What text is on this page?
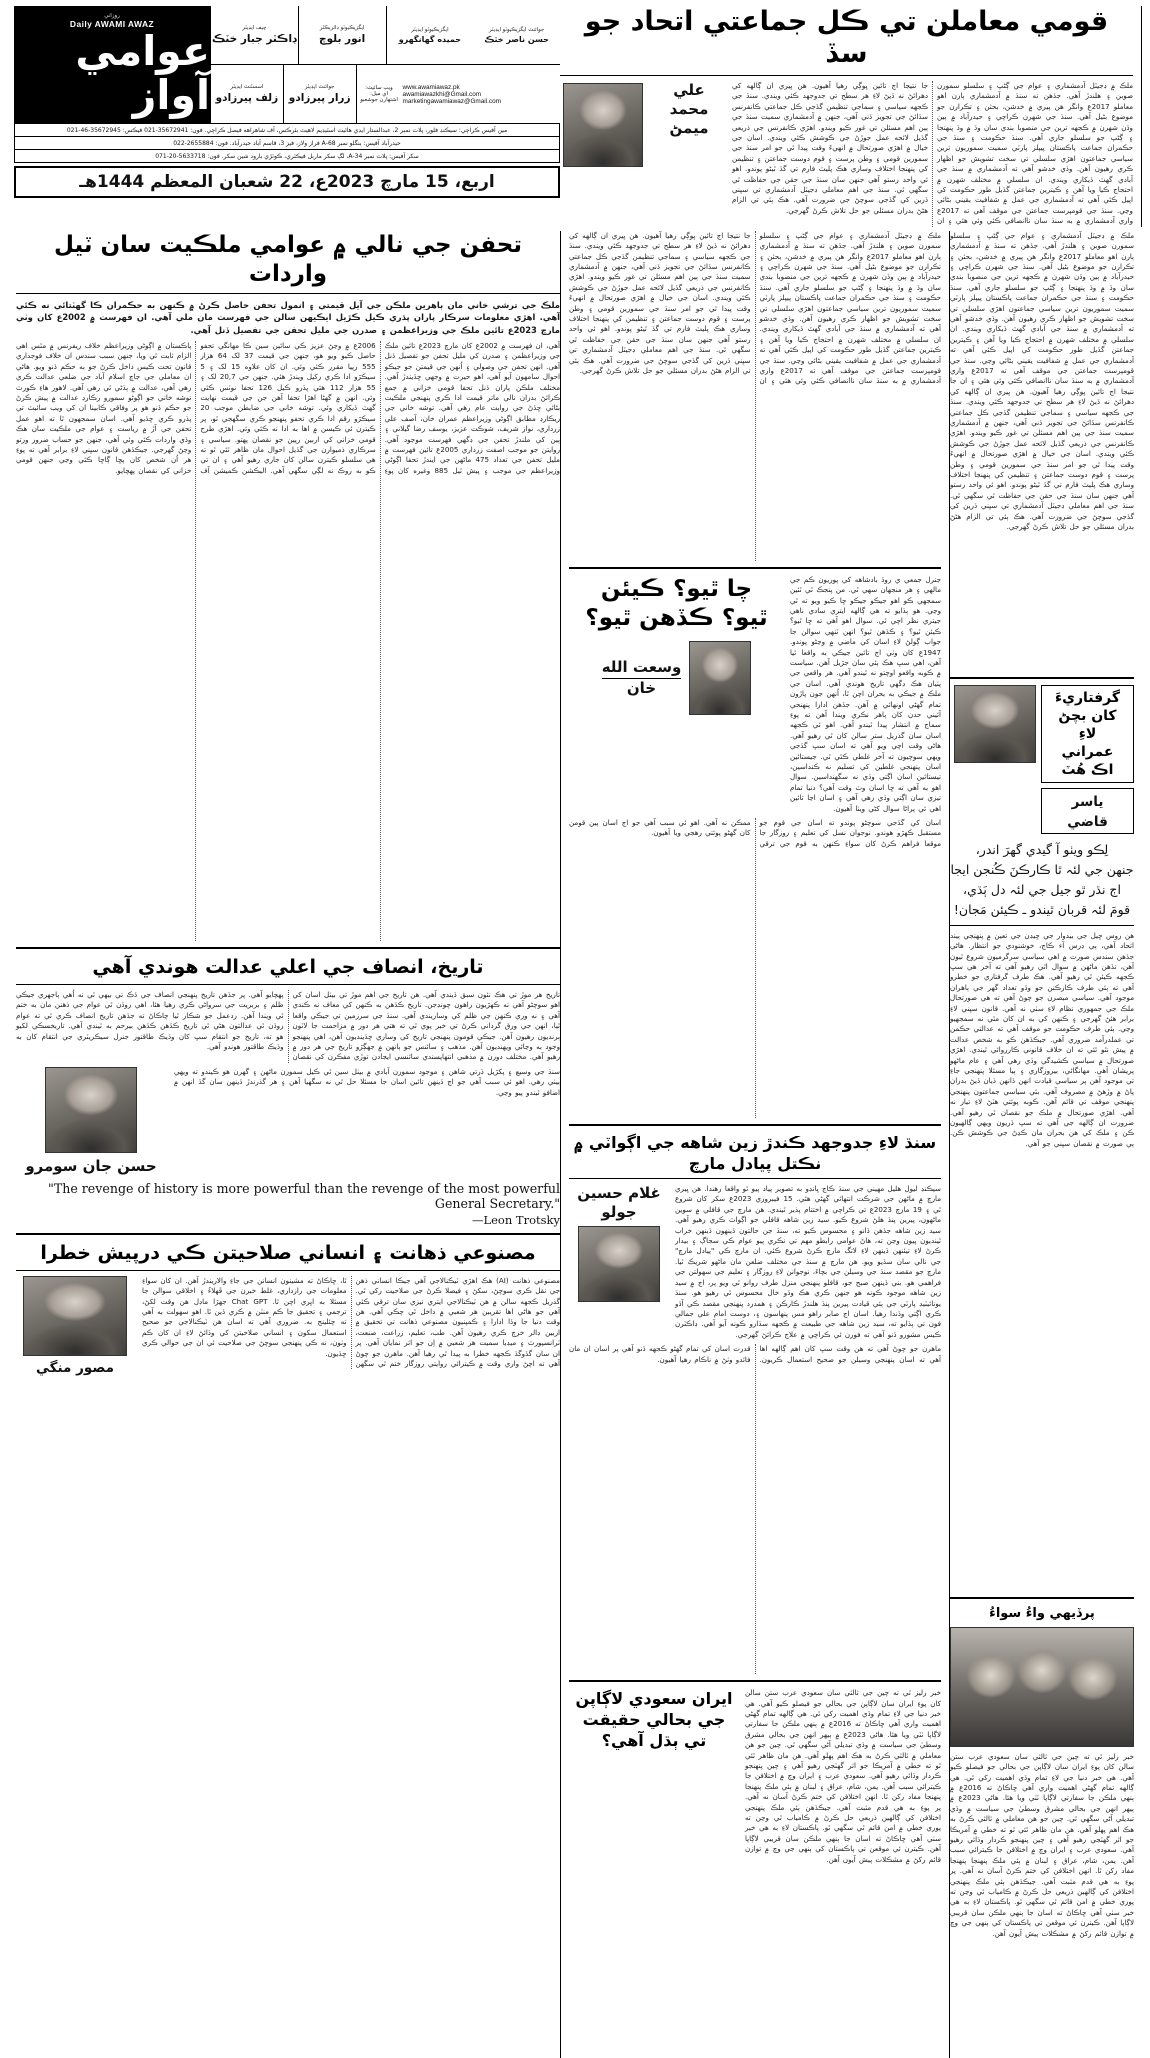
روزاني
Daily AWAMI AWAZ
عوامي آواز
چيف ايڊيٽر
ڊاڪٽر جبار خٽڪ
ايگزيڪيوٽو ڊائريڪٽر
انور بلوچ
ايگزيڪيوٽو ايڊيٽر
حميده گهانگهرو
جوائنٽ ايگزيڪيوٽو ايڊيٽر
حسن ناصر خٽڪ
اسسٽنٽ ايڊيٽر
زلف پيرزادو
جوائنٽ ايڊيٽر
زرار پيرزادو
ويب سائيٽ:
اي ميل:
اشتهارن جوشعبو
www.awamiawaz.pk
awamiawazkhi@Gmail.com
marketingawamiawaz@Gmail.com
مين آفيس ڪراچي: سيڪنڊ فلور، پلاٽ نمبر 2، عبدالستار ايڊي هائيٽ اسٽيڊيم لاهيٽ بئرڪس، آف شاهراهه فيصل ڪراچي. فون: 35672941-021 فيڪس: 35672945-46-021
حيدرآباد آفيس: بنگلو نمبر 68-A فراز ولاز، فيز 3، قاسم آباد حيدرآباد. فون: 2655884-022
سکر آفيس: پلاٽ نمبر 34-A، لڳ سکر ماربل فيڪٽري، ڪوٽڙي بارود شين سکر. فون: 5633718-20-071
اربع، 15 مارچ 2023ع، 22 شعبان المعظم 1444هـ
قومي معاملن تي ڪل جماعتي اتحاد جو سڏ
علي محمد
ميمڻ
ملڪ ۾ ڊجيٽل آدمشماري ۽ عوام جي ڳڻپ ۽ سلسلو سمورن صوبن ۽ هلندڙ آهي. جڏهن ته سنڌ ۾ آدمشماري ٻارن اهو معاملو 2017ع وانگر هن پيري ۾ خدشن، بحثن ۽ تڪرارن جو موضوع بڻيل آهي. سنڌ جي شهرن ڪراچي ۽ حيدرآباد ۾ ٻين وڏن شهرن ۾ ڪجهه ترين جي منصوبا بندي سان وڌ ۾ وڌ پنهنجا ۽ ڳڻپ جو سلسلو جاري آهي. سنڌ حڪومت ۽ سنڌ جي حڪمران جماعت پاڪستان پيپلز پارٽي سميت سموريون ترين سياسي جماعتون اهڙي سلسلي تي سخت تشويش جو اظهار ڪري رهيون آهن. وڏي خدشو آهي ته آدمشماري ۾ سنڌ جي آبادي گهٽ ڏيکاري ويندي. ان سلسلي ۾ مختلف شهرن ۾ احتجاج ڪيا ويا آهن ۽ ڪيترين جماعتن گڏيل طور حڪومت کي اپيل ڪئي آهي ته آدمشماري جي عمل ۾ شفافيت يقيني بڻائي وڃي. سنڌ جي قومپرست جماعتن جي موقف آهي ته 2017ع واري آدمشماري ۾ به سنڌ سان ناانصافي ڪئي وئي هئي ۽ ان جا نتيجا اڄ تائين ڀوڳي رهيا آهيون. هن ڀيري ان ڳالهه کي دهرائڻ نه ڏيڻ لاءِ هر سطح تي جدوجهد ڪئي ويندي. سنڌ جي ڪجهه سياسي ۽ سماجي تنظيمن گڏجي ڪل جماعتي ڪانفرنس سڏائڻ جي تجويز ڏني آهي، جنهن ۾ آدمشماري سميت سنڌ جي ٻين اهم مسئلن تي غور ڪيو ويندو. اهڙي ڪانفرنس جي ذريعي گڏيل لائحه عمل جوڙڻ جي ڪوشش ڪئي ويندي. اسان جي خيال ۾ اهڙي صورتحال ۾ انهيءَ وقت پيدا ٿي جو امر سنڌ جي سمورين قومي ۽ وطن پرست ۽ قوم دوست جماعتن ۽ تنظيمن کي پنهنجا اختلاف وساري هڪ پليٽ فارم تي گڏ ٿيڻو پوندو. اهو ئي واحد رستو آهي جنهن سان سنڌ جي حقن جي حفاظت ٿي سگهي ٿي. سنڌ جي اهم معاملي ڊجيٽل آدمشماري تي سڀني ڌرين کي گڏجي سوچڻ جي ضرورت آهي. هڪ ٻئي تي الزام هڻڻ بدران مسئلي جو حل تلاش ڪرڻ گهرجي.
تحفن جي نالي ۾ عوامي ملڪيت سان ٽيل واردات
ملڪ جي ترشي خاني مان ٻاهرين ملڪن جي آيل قيمتي ۽ انمول تحفن حاصل ڪرڻ ۾ ڪنهن به حڪمران ڪا گهٽتائي نه ڪئي آهي. اهڙي معلومات سرڪار پاران پڌري ڪيل ڪڙيل ايڪيهن سالن جي فهرست مان ملي آهي. ان فهرست ۾ 2002ع کان وٺي مارچ 2023ع تائين ملڪ جي وزيراعظمن ۽ صدرن جي مليل تحفن جي تفصيل ڏنل آهي.
آهي، ان فهرست ۾ 2002ع کان مارچ 2023ع تائين ملڪ جي وزيراعظمن ۽ صدرن کي مليل تحفن جو تفصيل ڏنل آهي. انهن تحفن جي وصولي ۽ اُنهن جي قيمتن جو جيڪو احوال سامهون آيو آهي، اهو حيرت ۾ وجهي ڇڏيندڙ آهي. مختلف ملڪن پاران ڏنل تحفا قومي خزاني ۾ جمع ڪرائڻ بدران نالي ماتر قيمت ادا ڪري پنهنجي ملڪيت بڻائي ڇڏڻ جي روايت عام رهي آهي. توشه خاني جي ريڪارڊ مطابق اڳوڻي وزيراعظم عمران خان، آصف علي زرداري، نواز شريف، شوڪت عزيز، يوسف رضا گيلاني ۽ ٻين کي ملندڙ تحفن جي ڊگهي فهرست موجود آهي. روايتن جو موجب اصفت زرداري 2005ع تائين فهرست ۾ مليل تحفن جي تعداد 475 ماڻهن جي ايندڙ تحفا اڳوڻي وزيراعظم جي موجب ۽ پيش ٿيل 885 وغيره کان پوءِ 2006ع ۾ وڃڻ عزيز ڪي سائين سين ڪا مهانگي تحفو حاصل ڪيو ويو هو، جنهن جي قيمت 37 لک 64 هزار 555 رپيا مقرر ڪئي وئي. ان کان علاوه 15 لک ۽ 5 سيڪڙو ادا ڪري رکيل ويندڙ هئي. جنهن جي 20,7 لک ۽ 55 هزار 112 هئي پڌرو ڪيل 126 تحفا نوٽس ڪئي وئي. انهن ۾ گهڻا اهڙا تحفا آهن جن جي قيمت نهايت گهٽ ڏيکاري وئي. توشه خاني جي ضابطن موجب 20 سيڪڙو رقم ادا ڪري تحفو پنهنجو ڪري سگهجي ٿو، پر ڪيترن ئي ڪيسن ۾ اها به ادا نه ڪئي وئي. اهڙي طرح قومي خزاني کي اربين رپين جو نقصان پهتو. سياسي ۽ سرڪاري ذميوارن جي گڏيل احوال مان ظاهر ٿئي ٿو ته هي سلسلو ڪيترن سالن کان جاري رهيو آهي ۽ ان تي ڪو به روڪ نه لڳي سگهي آهي. اليڪشن ڪميشن آف پاڪستان ۾ اڳوڻي وزيراعظم خلاف ريفرنس ۾ مٿس اهي الزام ثابت ٿي ويا، جنهن سبب سندس ان خلاف فوجداري قانون تحت ڪيس داخل ڪرڻ جو به حڪم ڏنو ويو. هاڻي ان معاملي جي جاچ اسلام آباد جي ضلعي عدالت ڪري رهي آهي، عدالت ۾ ٻڌڻي ٿي رهي آهي. لاهور هاءِ ڪورٽ توشه خاني جو اڳوڻو سمورو رڪارڊ عدالت ۾ پيش ڪرڻ جو حڪم ڏنو هو پر وفاقي ڪابينا ان کي ويب سائيٽ تي پڌرو ڪري ڇڏيو آهي. اسان سمجهون ٿا ته اهو عمل تحفن جي آڙ ۾ رياست ۽ عوام جي ملڪيت سان هڪ وڏي واردات ڪئي وئي آهي، جنهن جو حساب ضرور ورتو وڃڻ گهرجي. جيڪڏهن قانون سڀني لاءِ برابر آهي ته پوءِ هر اُن شخص کان پڇا ڳاڇا ڪئي وڃي جنهن قومي خزاني کي نقصان پهچايو.
تاريخ، انصاف جي اعلي عدالت هوندي آهي
تاريخ هر موڙ تي هڪ نئون سبق ڏيندي آهي. هن تاريخ جي اهم موڙ تي بيٺل اسان کي اهو سوچڻو آهي ته ڪهڙيون راهون چونڊجن. تاريخ ڪڏهن به ڪنهن کي معاف نه ڪندي آهي ۽ نه وري ڪنهن جي ظلم کي وساريندي آهي. سنڌ جي سرزمين تي جيڪي واقعا ٿيا، انهن جي ورق گرداني ڪرڻ تي خبر پوي ٿي ته هتي هر دور ۾ مزاحمت جا لاٽون ٻرنديون رهيون آهن. جيڪي قومون پنهنجي تاريخ کي وساري ڇڏينديون آهن، اهي پنهنجو وجود به وڃائي ويهنديون آهن. مذهب ۽ سائنس جو ٻانهن ۾ جهڳڙو تاريخ جي هر دور ۾ رهيو آهي. مختلف دورن ۾ مذهبي انتهاپسندي سائنسي ايجادن توڙي مفڪرن کي نقصان پهچايو آهي. پر جڏهن تاريخ پنهنجي انصاف جي ڏڪ تي بيهي ٿي ته اُهي ٻاجهري جيڪي ظلم ۽ بربريت جي سرواڻي ڪري رهيا هئا، اهي روڏن ٿي عوام جي ذهنن مان به ختم ٿي ويندا آهن. ردعمل جو شڪار ٿيا چاڪاڻ ته جڏهن تاريخ انصاف ڪري ٿي ته عوام روڏن ٿي عدالتون هڻي ٿي تاريخ ڪڏهن ڪڏهن بيرحم به ٿيندي آهي. تاريخسڪي لکيو هو ته، تاريخ جو انتقام سڀ کان وڌيڪ طاقتور جنرل سيڪريٽري جي انتقام کان به وڌيڪ طاقتور هوندو آهي.
حسن جان سومرو
سنڌ جي وسيع ۽ پکڙيل ڌرتي شاهن ۽ موجود سمورن آبادي ۾ بيٺل سين ٿي ڪيل سمورن ماڻهن ۽ گهرن هو ڪيندو ته ويهي بيٺي رهي. اهو ئي سبب آهي جو اڄ ڏينهن تائين اسان جا مسئلا حل ٿي نه سگهيا آهن ۽ هر گذرندڙ ڏينهن سان گڏ انهن ۾ اضافو ٿيندو پيو وڃي.
"The revenge of history is more powerful than the revenge of the most powerful General Secretary."
—Leon Trotsky
مصنوعي ذهانت ۽ انساني صلاحيتن ڪي درپيش خطرا
مصور منگي
مصنوعي ذهانت (AI) هڪ اهڙي ٽيڪنالاجي آهي جيڪا انساني ذهن جي نقل ڪري سوچڻ، سکڻ ۽ فيصلا ڪرڻ جي صلاحيت رکي ٿي. گذريل ڪجهه سالن ۾ هن ٽيڪنالاجي ايتري تيزي سان ترقي ڪئي آهي جو هاڻي اها تقريبن هر شعبي ۾ داخل ٿي چڪي آهي. هن وقت دنيا جا وڏا ادارا ۽ ڪمپنيون مصنوعي ذهانت تي تحقيق ۾ اربين ڊالر خرچ ڪري رهيون آهن. طب، تعليم، زراعت، صنعت، ٽرانسپورٽ ۽ ميڊيا سميت هر شعبي ۾ اِن جو اثر نمايان آهي. پر ان سان گڏوگڏ ڪجهه خطرا به پيدا ٿي رهيا آهن. ماهرن جو چوڻ آهي ته اچڻ واري وقت ۾ ڪيترائي روايتي روزگار ختم ٿي سگهن ٿا، ڇاڪاڻ ته مشينون انسانن جي جاءِ والاريندڙ آهن. ان کان سواءِ معلومات جي رازداري، غلط خبرن جي ڦهلاءُ ۽ اخلاقي سوالن جا مسئلا به اڀري اچن ٿا. Chat GPT جهڙا ماڊل هن وقت لکڻ، ترجمي ۽ تحقيق جا ڪم منٽن ۾ ڪري ڏين ٿا. اهو سهولت به آهي ته چئلينج به. ضروري آهي ته اسان هن ٽيڪنالاجي جو صحيح استعمال سکون ۽ انساني صلاحيتن کي وڌائڻ لاءِ ان کان ڪم وٺون، نه ڪي پنهنجي سوچڻ جي صلاحيت ئي ان جي حوالي ڪري ڇڏيون.
ملڪ ۾ ڊجيٽل آدمشماري ۽ عوام جي ڳڻپ ۽ سلسلو سمورن صوبن ۽ هلندڙ آهي. جڏهن ته سنڌ ۾ آدمشماري ٻارن اهو معاملو 2017ع وانگر هن پيري ۾ خدشن، بحثن ۽ تڪرارن جو موضوع بڻيل آهي. سنڌ جي شهرن ڪراچي ۽ حيدرآباد ۾ ٻين وڏن شهرن ۾ ڪجهه ترين جي منصوبا بندي سان وڌ ۾ وڌ پنهنجا ۽ ڳڻپ جو سلسلو جاري آهي. سنڌ حڪومت ۽ سنڌ جي حڪمران جماعت پاڪستان پيپلز پارٽي سميت سموريون ترين سياسي جماعتون اهڙي سلسلي تي سخت تشويش جو اظهار ڪري رهيون آهن. وڏي خدشو آهي ته آدمشماري ۾ سنڌ جي آبادي گهٽ ڏيکاري ويندي. ان سلسلي ۾ مختلف شهرن ۾ احتجاج ڪيا ويا آهن ۽ ڪيترين جماعتن گڏيل طور حڪومت کي اپيل ڪئي آهي ته آدمشماري جي عمل ۾ شفافيت يقيني بڻائي وڃي. سنڌ جي قومپرست جماعتن جي موقف آهي ته 2017ع واري آدمشماري ۾ به سنڌ سان ناانصافي ڪئي وئي هئي ۽ ان جا نتيجا اڄ تائين ڀوڳي رهيا آهيون. هن ڀيري ان ڳالهه کي دهرائڻ نه ڏيڻ لاءِ هر سطح تي جدوجهد ڪئي ويندي. سنڌ جي ڪجهه سياسي ۽ سماجي تنظيمن گڏجي ڪل جماعتي ڪانفرنس سڏائڻ جي تجويز ڏني آهي، جنهن ۾ آدمشماري سميت سنڌ جي ٻين اهم مسئلن تي غور ڪيو ويندو. اهڙي ڪانفرنس جي ذريعي گڏيل لائحه عمل جوڙڻ جي ڪوشش ڪئي ويندي. اسان جي خيال ۾ اهڙي صورتحال ۾ انهيءَ وقت پيدا ٿي جو امر سنڌ جي سمورين قومي ۽ وطن پرست ۽ قوم دوست جماعتن ۽ تنظيمن کي پنهنجا اختلاف وساري هڪ پليٽ فارم تي گڏ ٿيڻو پوندو. اهو ئي واحد رستو آهي جنهن سان سنڌ جي حقن جي حفاظت ٿي سگهي ٿي. سنڌ جي اهم معاملي ڊجيٽل آدمشماري تي سڀني ڌرين کي گڏجي سوچڻ جي ضرورت آهي. هڪ ٻئي تي الزام هڻڻ بدران مسئلي جو حل تلاش ڪرڻ گهرجي.
چا ٿيو؟ ڪيئن
ٿيو؟ ڪڏهن ٿيو؟
وسعت الله
خان
جنرل جمعي ي روڏ بادشاهه کي پوريون ڪم جي مالهي ۽ هر منجهان سهي ٿي. من پنجڪ ٿي ٿئين سمجهي ڪو اهو جيڪو جيڪو ڇا ڪيو ويو ته ٿي وڃي. هو ٻڌايو ته هي ڳالهه ايتري سادي ناهي جيتري نظر اچي ٿي. سوال اهو آهي ته ڇا ٿيو؟ ڪيئن ٿيو؟ ۽ ڪڏهن ٿيو؟ انهن ٽنهي سوالن جا جواب ڳولڻ لاءِ اسان کي ماضي ۾ وڃڻو پوندو. 1947ع کان وٺي اڄ تائين جيڪي به واقعا ٿيا آهن، اهي سڀ هڪ ٻئي سان جڙيل آهن. سياست ۾ ڪوبه واقعو اوچتو نه ٿيندو آهي. هر واقعي جي پٺيان هڪ ڊگهي تاريخ هوندي آهي. اسان جي ملڪ ۾ جيڪي به بحران اچن ٿا، اُنهن جون پاڙون تمام گهڻي اونهائي ۾ آهن. جڏهن ادارا پنهنجي آئيني حدن کان ٻاهر نڪري ويندا آهن ته پوءِ سماج ۾ انتشار پيدا ٿيندو آهي. اهو ئي ڪجهه اسان سان گذريل ستر سالن کان ٿي رهيو آهي. هاڻي وقت اچي ويو آهي ته اسان سڀ گڏجي ويهي سوچيون ته آخر غلطي ڪٿي ٿي. جيستائين اسان پنهنجي غلطين کي تسليم نه ڪنداسين، تيستائين اسان اڳتي وڌي نه سگهنداسين. سوال اهو به آهي ته ڇا اسان وٽ وقت آهي؟ دنيا تمام تيزي سان اڳتي وڌي رهي آهي ۽ اسان اڃا تائين اهي ئي پراڻا سوال کڻي ويٺا آهيون.
اسان کي گڏجي سوچڻو پوندو ته اسان جي قوم جو مستقبل ڪهڙو هوندو. نوجوان نسل کي تعليم ۽ روزگار جا موقعا فراهم ڪرڻ کان سواءِ ڪنهن به قوم جي ترقي ممڪن نه آهي. اهو ئي سبب آهي جو اڄ اسان ٻين قومن کان گهڻو پوئتي رهجي ويا آهيون.
سنڌ لاءِ جدوجهد ڪندڙ زين شاهه جي اڳواٽي ۾ نڪتل پيادل مارچ
غلام حسين
جولو
سيڪنڊ ليول هليل مهيني جي سنڌ ڪاڄ ڀانڊو به تصوير پياد پيو ٿو واقعا رهندا. هن ڀيري مارچ ۾ ماڻهن جي شرڪت انتهائي گهڻي هئي. 15 فيبروري 2023ع سکر کان شروع ٿي ۽ 19 مارچ 2023ع تي ڪراچي ۾ اختتام پذير ٿيندي. هن مارچ جي قافلي ۾ سوين ماڻهون، پيرين پنڌ هلڻ شروع ڪيو. سيد زين شاهه قافلي جو اڳواٽ ڪري رهيو آهي. سيد زين شاهه جڏهن ڏانو ۽ محسوس ڪيو ته، سنڌ جن حالتون ڏينهون ڏينهن خراب ٿينديون پيون وڃن ته، هاڻ عوامي رابطو مهم تي نڪري پيو عوام ڪي سجاڳ ۽ بيدار ڪرڻ لاءِ تيئنهن ڏينهن لاءِ لاتگ مارچ ڪرڻ شروع ڪئي. ان مارچ ڪي "پيادل مارچ" جي نالي سان سڏيو ويو. هن مارچ ۾ سنڌ جي مختلف ضلعن مان ماڻهو شريڪ ٿيا. مارچ جو مقصد سنڌ جي وسيلن جي بچاءَ، نوجوانن لاءِ روزگار ۽ تعليم جي سهولتن جي فراهمي هو. بني ڏينهن صبح جو، قافلو پنهنجي منزل طرف روانو ٿي ويو پر، اڄ ۾ سيد زين شاهه موجود ڪونه هو جنهن ڪري هڪ وڏو خال محسوس ٿي رهيو هو. سنڌ يونائيٽيڊ پارٽي جي ٻئي قيادت پيرين پنڌ هلندڙ ڪارڪن ۽ همدرد پنهنجي مقصد ڪي آڏو ڪري اڳتي وڌندا رهيا. اسان اڄ صابر راهو مس پنهاسون ۽، دوست امام علي جمالي فون تي ٻڌايو ته، سيد زين شاهه جي طبيعت ۾ ڪجهه سڌارو ڪونه آيو آهي. ڊاڪٽرن ڪيس مشورو ڏنو آهي ته فورن ئي ڪراچي ۾ علاج ڪرائڻ گهرجي.
ماهرن جو چوڻ آهي ته هن وقت سڀ کان اهم ڳالهه اها آهي ته اسان پنهنجي وسيلن جو صحيح استعمال ڪريون. قدرت اسان کي تمام گهڻو ڪجهه ڏنو آهي پر اسان ان مان فائدو وٺڻ ۾ ناڪام رهيا آهيون.
ايران سعودي لاڳاپن جي بحالي حقيقت تي ٻڌل آهي؟
خبر رليز ٿي ته چين جي ثالثي سان سعودي عرب ستن سالن کان پوءِ ايران سان لاڳاپن جي بحالي جو فيصلو ڪيو آهي. هي خبر دنيا جي لاءِ تمام وڏي اهميت رکي ٿي. هي ڳالهه تمام گهڻي اهميت واري آهي ڇاڪاڻ ته 2016ع ۾ ٻنهي ملڪن جا سفارتي لاڳاپا ٽٽي ويا هئا. هاڻي 2023ع ۾ ٻيهر انهن جي بحالي مشرق وسطيٰ جي سياست ۾ وڏي تبديلي آڻي سگهي ٿي. چين جو هن معاملي ۾ ثالثي ڪرڻ به هڪ اهم پهلو آهي. هن مان ظاهر ٿئي ٿو ته خطي ۾ آمريڪا جو اثر گهٽجي رهيو آهي ۽ چين پنهنجو ڪردار وڌائي رهيو آهي. سعودي عرب ۽ ايران وچ ۾ اختلافن جا ڪيترائي سبب آهن. يمن، شام، عراق ۽ لبنان ۾ ٻئي ملڪ پنهنجا پنهنجا مفاد رکن ٿا. انهن اختلافن کي ختم ڪرڻ آسان نه آهي. پر پوءِ به هي قدم مثبت آهي. جيڪڏهن ٻئي ملڪ پنهنجي اختلافن کي ڳالهين ذريعي حل ڪرڻ ۾ ڪامياب ٿي وڃن ته پوري خطي ۾ امن قائم ٿي سگهي ٿو. پاڪستان لاءِ به هي خبر سٺي آهي ڇاڪاڻ ته اسان جا ٻنهي ملڪن سان قريبي لاڳاپا آهن. ڪيترن ئي موقعن تي پاڪستان کي ٻنهي جي وچ ۾ توازن قائم رکڻ ۾ مشڪلات پيش آيون آهن.
ملڪ ۾ ڊجيٽل آدمشماري ۽ عوام جي ڳڻپ ۽ سلسلو سمورن صوبن ۽ هلندڙ آهي. جڏهن ته سنڌ ۾ آدمشماري ٻارن اهو معاملو 2017ع وانگر هن پيري ۾ خدشن، بحثن ۽ تڪرارن جو موضوع بڻيل آهي. سنڌ جي شهرن ڪراچي ۽ حيدرآباد ۾ ٻين وڏن شهرن ۾ ڪجهه ترين جي منصوبا بندي سان وڌ ۾ وڌ پنهنجا ۽ ڳڻپ جو سلسلو جاري آهي. سنڌ حڪومت ۽ سنڌ جي حڪمران جماعت پاڪستان پيپلز پارٽي سميت سموريون ترين سياسي جماعتون اهڙي سلسلي تي سخت تشويش جو اظهار ڪري رهيون آهن. وڏي خدشو آهي ته آدمشماري ۾ سنڌ جي آبادي گهٽ ڏيکاري ويندي. ان سلسلي ۾ مختلف شهرن ۾ احتجاج ڪيا ويا آهن ۽ ڪيترين جماعتن گڏيل طور حڪومت کي اپيل ڪئي آهي ته آدمشماري جي عمل ۾ شفافيت يقيني بڻائي وڃي. سنڌ جي قومپرست جماعتن جي موقف آهي ته 2017ع واري آدمشماري ۾ به سنڌ سان ناانصافي ڪئي وئي هئي ۽ ان جا نتيجا اڄ تائين ڀوڳي رهيا آهيون. هن ڀيري ان ڳالهه کي دهرائڻ نه ڏيڻ لاءِ هر سطح تي جدوجهد ڪئي ويندي. سنڌ جي ڪجهه سياسي ۽ سماجي تنظيمن گڏجي ڪل جماعتي ڪانفرنس سڏائڻ جي تجويز ڏني آهي، جنهن ۾ آدمشماري سميت سنڌ جي ٻين اهم مسئلن تي غور ڪيو ويندو. اهڙي ڪانفرنس جي ذريعي گڏيل لائحه عمل جوڙڻ جي ڪوشش ڪئي ويندي. اسان جي خيال ۾ اهڙي صورتحال ۾ انهيءَ وقت پيدا ٿي جو امر سنڌ جي سمورين قومي ۽ وطن پرست ۽ قوم دوست جماعتن ۽ تنظيمن کي پنهنجا اختلاف وساري هڪ پليٽ فارم تي گڏ ٿيڻو پوندو. اهو ئي واحد رستو آهي جنهن سان سنڌ جي حقن جي حفاظت ٿي سگهي ٿي. سنڌ جي اهم معاملي ڊجيٽل آدمشماري تي سڀني ڌرين کي گڏجي سوچڻ جي ضرورت آهي. هڪ ٻئي تي الزام هڻڻ بدران مسئلي جو حل تلاش ڪرڻ گهرجي.
گرفتاريءَ کان بچڻ لاءِ
عمراني اڪ هُٽ ياسر قاضي
لِڪو ويٺو آ گيدي گهرَ اندر،
جنهن جي لئہ ٿا ڪارڪنَ ڪُنجن ايجا
اڄ نڌر ٿو جيل جي لئہ دل ٻَڌي،
قومَ لئہ قربان ٿيندو ـ ڪيئن مَجان!
هن روس ڇيل جي بيدوار جي ڇيڊن جي تعين ۾ پنهنجي ٻيند اتحاد آهي، ٻي ڊرس آء ڪاڄ، خوشنودي جو انتظار. هاڻي جڏهن سندس صورت ۾ اهي سياسي سرگرميون شروع ٿيون آهن، تڏهن ماڻهن ۾ سوال اٿي رهيو آهي ته آخر هي سڀ ڪجهه ڪيئن ٿي رهيو آهي. هڪ طرف گرفتاري جو خطرو آهي ته ٻئي طرف ڪارڪنن جو وڏو تعداد گهر جي ٻاهران موجود آهي. سياسي مبصرن جو چوڻ آهي ته هي صورتحال ملڪ جي جمهوري نظام لاءِ سٺي نه آهي. قانون سڀني لاءِ برابر هئڻ گهرجي ۽ ڪنهن کي به ان کان مٿي نه سمجهيو وڃي. ٻئي طرف حڪومت جو موقف آهي ته عدالتي حڪمن تي عملدرآمد ضروري آهي. جيڪڏهن ڪو به شخص عدالت ۾ پيش نٿو ٿئي ته ان خلاف قانوني ڪارروائي ٿيندي. اهڙي صورتحال ۾ سياسي ڪشيدگي وڌي رهي آهي ۽ عام ماڻهو پريشان آهي. مهانگائي، بيروزگاري ۽ ٻيا مسئلا پنهنجي جاءِ تي موجود آهن پر سياسي قيادت انهن ڏانهن ڌيان ڏيڻ بدران پاڻ ۾ وڙهڻ ۾ مصروف آهي. بئي سياسي جماعتون پنهنجي پنهنجي موقف تي قائم آهن. ڪوبه پوئتي هٽڻ لاءِ تيار نه آهي. اهڙي صورتحال ۾ ملڪ جو نقصان ٿي رهيو آهي. ضرورت ان ڳالهه جي آهي ته سڀ ڌريون ويهي ڳالهيون ڪن ۽ ملڪ کي هن بحران مان ڪڍڻ جي ڪوشش ڪن. ٻي صورت ۾ نقصان سڀني جو آهي.
پرڏيهي واءُ سواءُ
خبر رليز ٿي ته چين جي ثالثي سان سعودي عرب ستن سالن کان پوءِ ايران سان لاڳاپن جي بحالي جو فيصلو ڪيو آهي. هي خبر دنيا جي لاءِ تمام وڏي اهميت رکي ٿي. هي ڳالهه تمام گهڻي اهميت واري آهي ڇاڪاڻ ته 2016ع ۾ ٻنهي ملڪن جا سفارتي لاڳاپا ٽٽي ويا هئا. هاڻي 2023ع ۾ ٻيهر انهن جي بحالي مشرق وسطيٰ جي سياست ۾ وڏي تبديلي آڻي سگهي ٿي. چين جو هن معاملي ۾ ثالثي ڪرڻ به هڪ اهم پهلو آهي. هن مان ظاهر ٿئي ٿو ته خطي ۾ آمريڪا جو اثر گهٽجي رهيو آهي ۽ چين پنهنجو ڪردار وڌائي رهيو آهي. سعودي عرب ۽ ايران وچ ۾ اختلافن جا ڪيترائي سبب آهن. يمن، شام، عراق ۽ لبنان ۾ ٻئي ملڪ پنهنجا پنهنجا مفاد رکن ٿا. انهن اختلافن کي ختم ڪرڻ آسان نه آهي. پر پوءِ به هي قدم مثبت آهي. جيڪڏهن ٻئي ملڪ پنهنجي اختلافن کي ڳالهين ذريعي حل ڪرڻ ۾ ڪامياب ٿي وڃن ته پوري خطي ۾ امن قائم ٿي سگهي ٿو. پاڪستان لاءِ به هي خبر سٺي آهي ڇاڪاڻ ته اسان جا ٻنهي ملڪن سان قريبي لاڳاپا آهن. ڪيترن ئي موقعن تي پاڪستان کي ٻنهي جي وچ ۾ توازن قائم رکڻ ۾ مشڪلات پيش آيون آهن.
